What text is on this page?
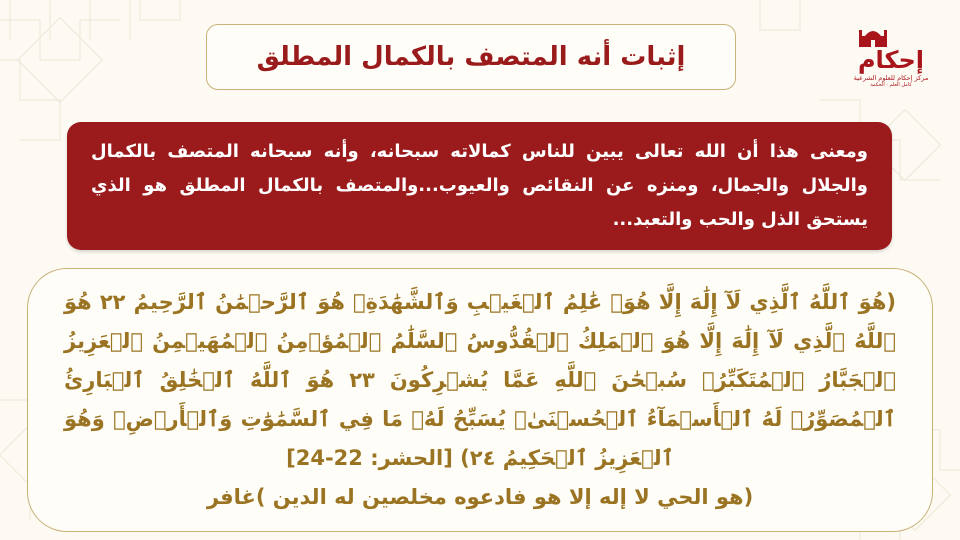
إثبات أنه المتصف بالكمال المطلق	إحكام
مركز إحكام للعلوم الشرعية
كامل العلم · الحكمة
ومعنى هذا أن الله تعالى يبين للناس كمالاته سبحانه، وأنه سبحانه المتصف بالكمال والجلال والجمال، ومنزه عن النقائص والعيوب...والمتصف بالكمال المطلق هو الذي يستحق الذل والحب والتعبد...
(هُوَ ٱللَّهُ ٱلَّذِي لَآ إِلَٰهَ إِلَّا هُوَۖ عَٰلِمُ ٱلۡغَيۡبِ وَٱلشَّهَٰدَةِۖ هُوَ ٱلرَّحۡمَٰنُ ٱلرَّحِيمُ ٢٢ هُوَ ٱللَّهُ ٱلَّذِي لَآ إِلَٰهَ إِلَّا هُوَ ٱلۡمَلِكُ ٱلۡقُدُّوسُ ٱلسَّلَٰمُ ٱلۡمُؤۡمِنُ ٱلۡمُهَيۡمِنُ ٱلۡعَزِيزُ ٱلۡجَبَّارُ ٱلۡمُتَكَبِّرُۚ سُبۡحَٰنَ ٱللَّهِ عَمَّا يُشۡرِكُونَ ٢٣ هُوَ ٱللَّهُ ٱلۡخَٰلِقُ ٱلۡبَارِئُ ٱلۡمُصَوِّرُۖ لَهُ ٱلۡأَسۡمَآءُ ٱلۡحُسۡنَىٰۚ يُسَبِّحُ لَهُۥ مَا فِي ٱلسَّمَٰوَٰتِ وَٱلۡأَرۡضِۖ وَهُوَ ٱلۡعَزِيزُ ٱلۡحَكِيمُ ٢٤) [الحشر: 22-24]
(هو الحي لا إله إلا هو فادعوه مخلصين له الدين )غافر
